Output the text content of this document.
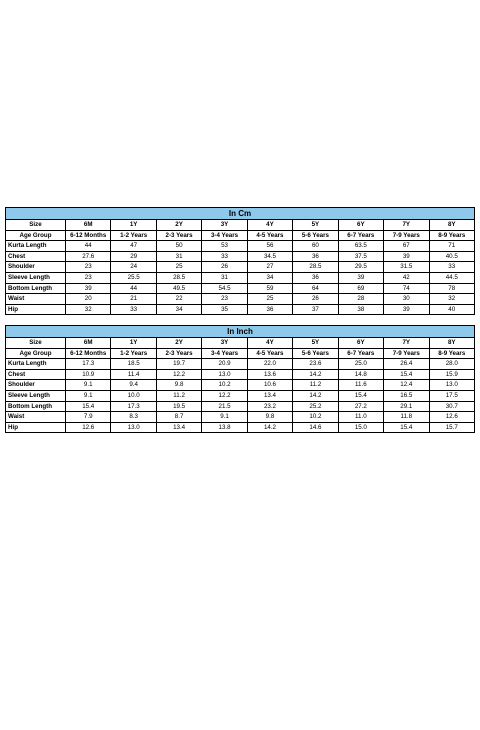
In Cm									
Size	6M	1Y	2Y	3Y	4Y	5Y	6Y	7Y	8Y
Age Group	6-12 Months	1-2 Years	2-3 Years	3-4 Years	4-5 Years	5-6 Years	6-7 Years	7-9 Years	8-9 Years
Kurta Length	44	47	50	53	56	60	63.5	67	71
Chest	27.6	29	31	33	34.5	36	37.5	39	40.5
Shoulder	23	24	25	26	27	28.5	29.5	31.5	33
Sleeve Length	23	25.5	28.5	31	34	36	39	42	44.5
Bottom Length	39	44	49.5	54.5	59	64	69	74	78
Waist	20	21	22	23	25	26	28	30	32
Hip	32	33	34	35	36	37	38	39	40
In Inch									
Size	6M	1Y	2Y	3Y	4Y	5Y	6Y	7Y	8Y
Age Group	6-12 Months	1-2 Years	2-3 Years	3-4 Years	4-5 Years	5-6 Years	6-7 Years	7-9 Years	8-9 Years
Kurta Length	17.3	18.5	19.7	20.9	22.0	23.6	25.0	26.4	28.0
Chest	10.9	11.4	12.2	13.0	13.6	14.2	14.8	15.4	15.9
Shoulder	9.1	9.4	9.8	10.2	10.6	11.2	11.6	12.4	13.0
Sleeve Length	9.1	10.0	11.2	12.2	13.4	14.2	15.4	16.5	17.5
Bottom Length	15.4	17.3	19.5	21.5	23.2	25.2	27.2	29.1	30.7
Waist	7.9	8.3	8.7	9.1	9.8	10.2	11.0	11.8	12.6
Hip	12.6	13.0	13.4	13.8	14.2	14.6	15.0	15.4	15.7
